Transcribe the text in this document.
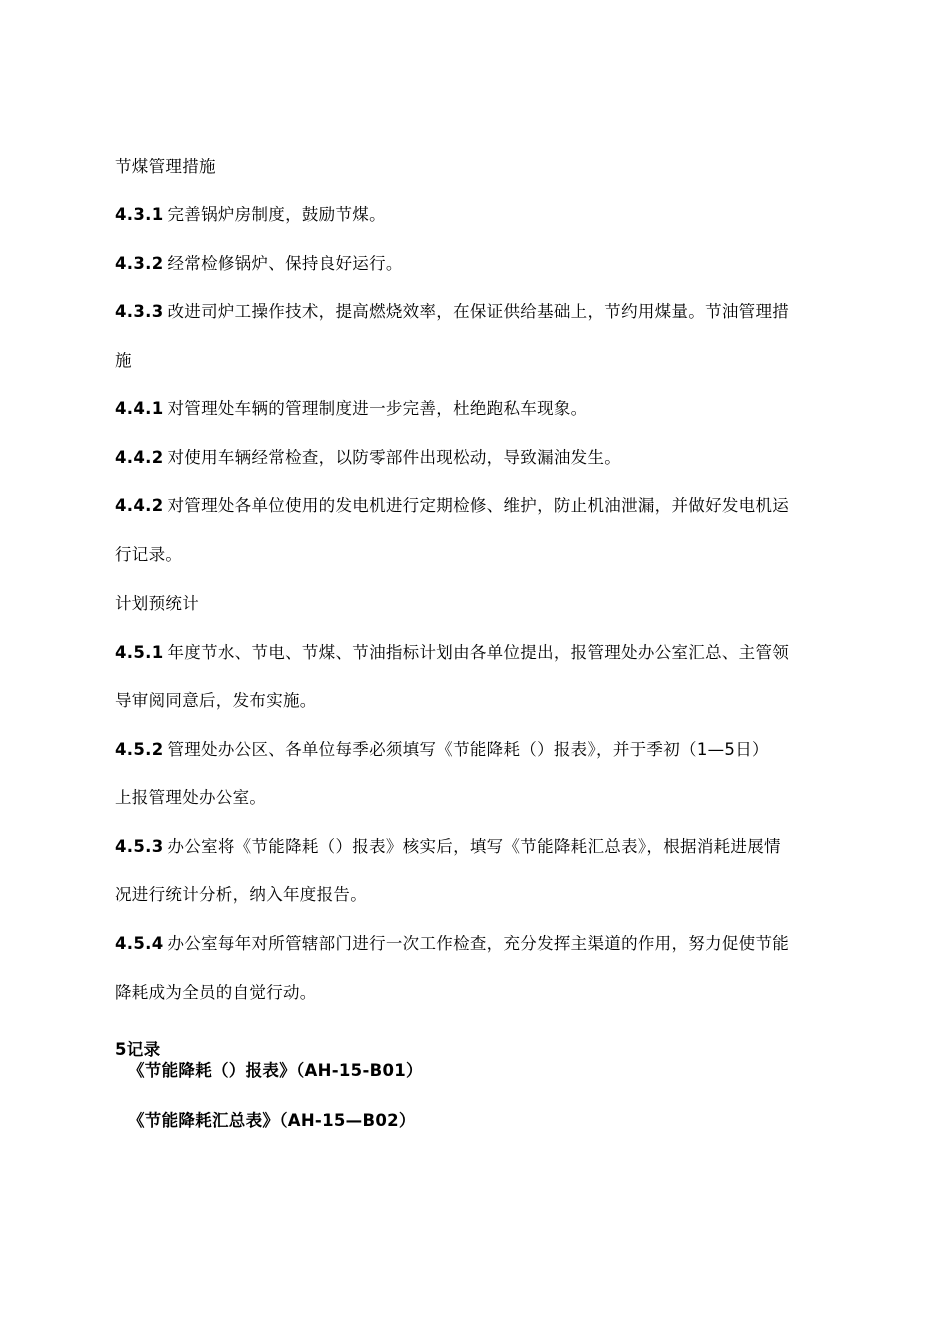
节煤管理措施
4.3.1 完善锅炉房制度，鼓励节煤。
4.3.2 经常检修锅炉、保持良好运行。
4.3.3 改进司炉工操作技术，提高燃烧效率，在保证供给基础上，节约用煤量。节油管理措
施
4.4.1 对管理处车辆的管理制度进一步完善，杜绝跑私车现象。
4.4.2 对使用车辆经常检查，以防零部件出现松动，导致漏油发生。
4.4.2 对管理处各单位使用的发电机进行定期检修、维护，防止机油泄漏，并做好发电机运
行记录。
计划预统计
4.5.1 年度节水、节电、节煤、节油指标计划由各单位提出，报管理处办公室汇总、主管领
导审阅同意后，发布实施。
4.5.2 管理处办公区、各单位每季必须填写《节能降耗（）报表》，并于季初（1—5日）
上报管理处办公室。
4.5.3 办公室将《节能降耗（）报表》核实后，填写《节能降耗汇总表》，根据消耗进展情
况进行统计分析，纳入年度报告。
4.5.4 办公室每年对所管辖部门进行一次工作检查，充分发挥主渠道的作用，努力促使节能
降耗成为全员的自觉行动。
5记录
《节能降耗（）报表》（AH-15-B01）
《节能降耗汇总表》（AH-15—B02）
